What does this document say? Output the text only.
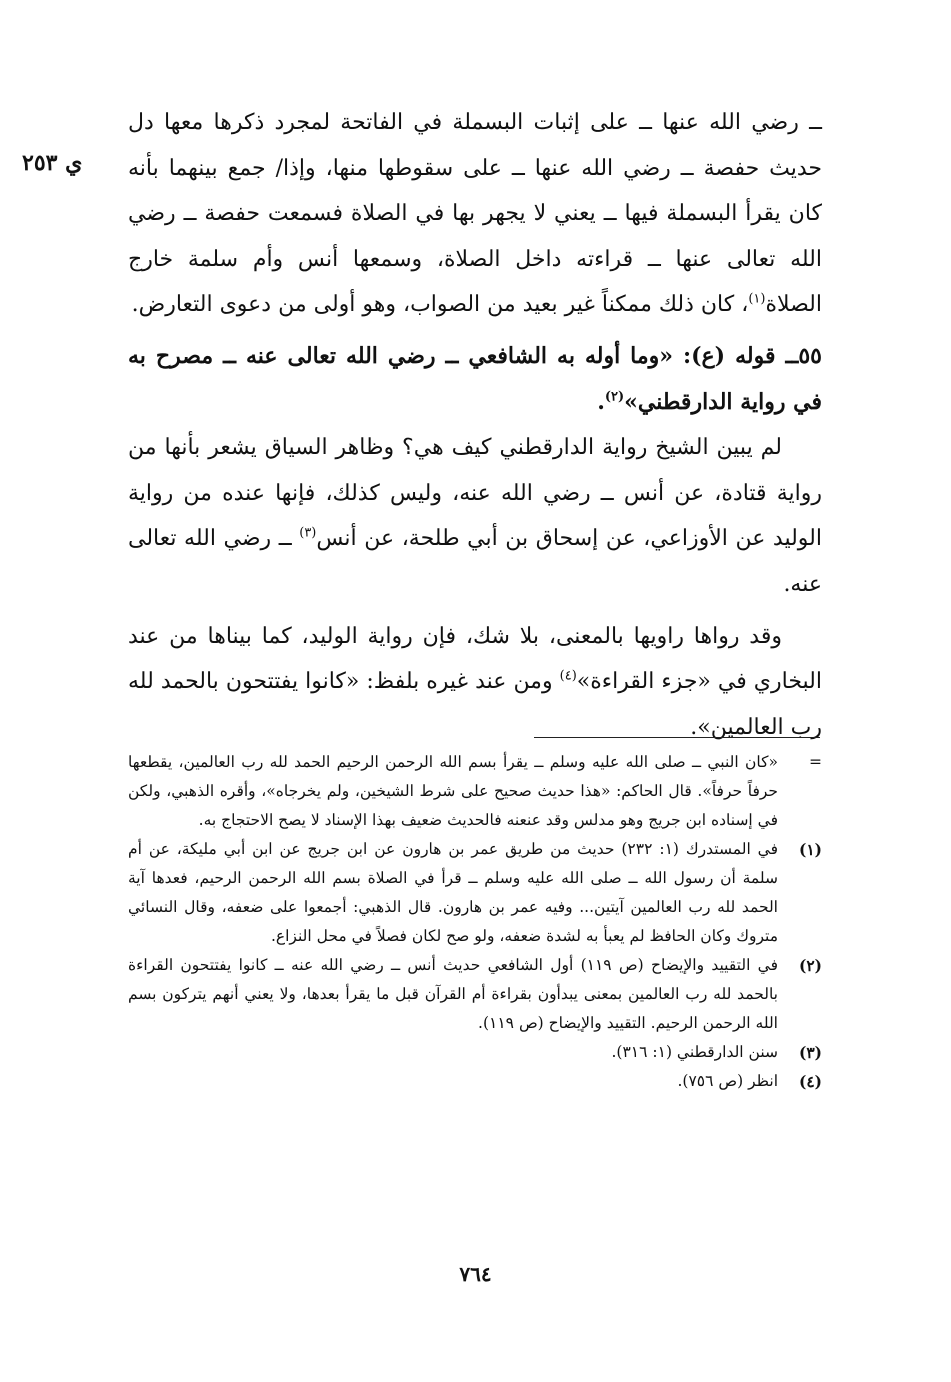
ي ٢٥٣

ــ رضي الله عنها ــ على إثبات البسملة في الفاتحة لمجرد ذكرها معها دل حديث حفصة ــ رضي الله عنها ــ على سقوطها منها، وإذا/ جمع بينهما بأنه كان يقرأ البسملة فيها ــ يعني لا يجهر بها في الصلاة فسمعت حفصة ــ رضي الله تعالى عنها ــ قراءته داخل الصلاة، وسمعها أنس وأم سلمة خارج الصلاة$^{(١)}$، كان ذلك ممكناً غير بعيد من الصواب، وهو أولى من دعوى التعارض.

٥٥ــ قوله (ع): «وما أوله به الشافعي ــ رضي الله تعالى عنه ــ مصرح به في رواية الدارقطني»$^{(٢)}$.

لم يبين الشيخ رواية الدارقطني كيف هي؟ وظاهر السياق يشعر بأنها من رواية قتادة، عن أنس ــ رضي الله عنه، وليس كذلك، فإنها عنده من رواية الوليد عن الأوزاعي، عن إسحاق بن أبي طلحة، عن أنس$^{(٣)}$ ــ رضي الله تعالى عنه.

وقد رواها راويها بالمعنى، بلا شك، فإن رواية الوليد، كما بيناها من عند البخاري في «جزء القراءة»$^{(٤)}$ ومن عند غيره بلفظ: «كانوا يفتتحون بالحمد لله رب العالمين».

=
«كان النبي ــ صلى الله عليه وسلم ــ يقرأ بسم الله الرحمن الرحيم الحمد لله رب العالمين، يقطعها حرفاً حرفاً». قال الحاكم: «هذا حديث صحيح على شرط الشيخين، ولم يخرجاه»، وأقره الذهبي، ولكن في إسناده ابن جريج وهو مدلس وقد عنعنه فالحديث ضعيف بهذا الإسناد لا يصح الاحتجاج به.
(١)
في المستدرك (١: ٢٣٢) حديث من طريق عمر بن هارون عن ابن جريج عن ابن أبي مليكة، عن أم سلمة أن رسول الله ــ صلى الله عليه وسلم ــ قرأ في الصلاة بسم الله الرحمن الرحيم، فعدها آية الحمد لله رب العالمين آيتين... وفيه عمر بن هارون. قال الذهبي: أجمعوا على ضعفه، وقال النسائي متروك وكان الحافظ لم يعبأ به لشدة ضعفه، ولو صح لكان فصلاً في محل النزاع.
(٢)
في التقييد والإيضاح (ص ١١٩) أول الشافعي حديث أنس ــ رضي الله عنه ــ كانوا يفتتحون القراءة بالحمد لله رب العالمين بمعنى يبدأون بقراءة أم القرآن قبل ما يقرأ بعدها، ولا يعني أنهم يتركون بسم الله الرحمن الرحيم. التقييد والإيضاح (ص ١١٩).
(٣)
سنن الدارقطني (١: ٣١٦).
(٤)
انظر (ص ٧٥٦).
٧٦٤
